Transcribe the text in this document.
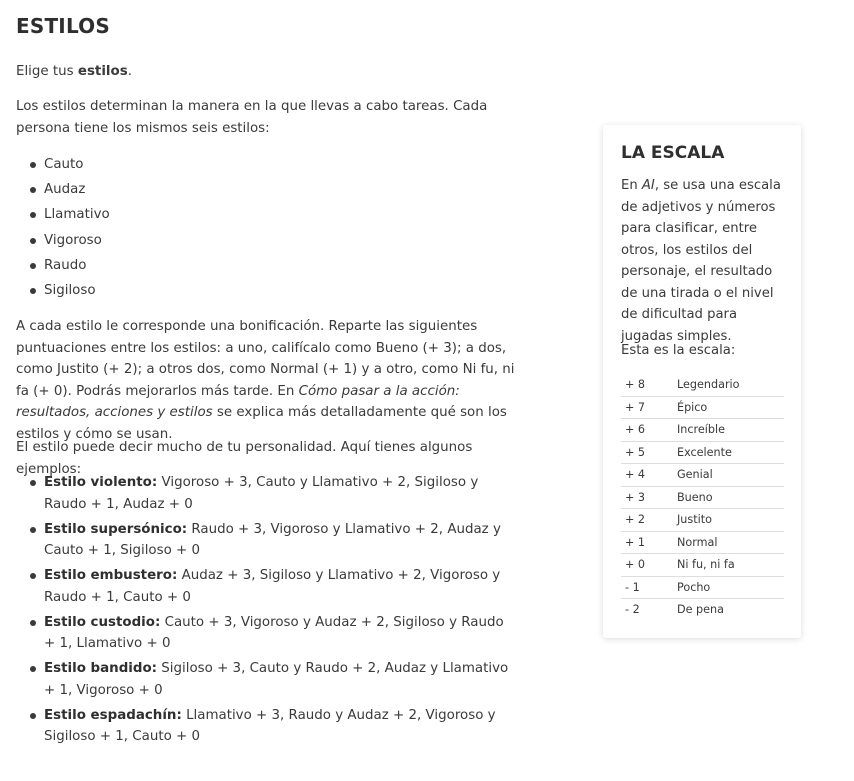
ESTILOS

Elige tus estilos.

Los estilos determinan la manera en la que llevas a cabo tareas. Cada persona tiene los mismos seis estilos:

Cauto
Audaz
Llamativo
Vigoroso
Raudo
Sigiloso

A cada estilo le corresponde una bonificación. Reparte las siguientes puntuaciones entre los estilos: a uno, califícalo como Bueno (+ 3); a dos, como Justito (+ 2); a otros dos, como Normal (+ 1) y a otro, como Ni fu, ni fa (+ 0). Podrás mejorarlos más tarde. En Cómo pasar a la acción: resultados, acciones y estilos se explica más detalladamente qué son los estilos y cómo se usan.

El estilo puede decir mucho de tu personalidad. Aquí tienes algunos ejemplos:

Estilo violento: Vigoroso + 3, Cauto y Llamativo + 2, Sigiloso y Raudo + 1, Audaz + 0
Estilo supersónico: Raudo + 3, Vigoroso y Llamativo + 2, Audaz y Cauto + 1, Sigiloso + 0
Estilo embustero: Audaz + 3, Sigiloso y Llamativo + 2, Vigoroso y Raudo + 1, Cauto + 0
Estilo custodio: Cauto + 3, Vigoroso y Audaz + 2, Sigiloso y Raudo + 1, Llamativo + 0
Estilo bandido: Sigiloso + 3, Cauto y Raudo + 2, Audaz y Llamativo + 1, Vigoroso + 0
Estilo espadachín: Llamativo + 3, Raudo y Audaz + 2, Vigoroso y Sigiloso + 1, Cauto + 0
LA ESCALA

En AI, se usa una escala de adjetivos y números para clasificar, entre otros, los estilos del personaje, el resultado de una tirada o el nivel de dificultad para jugadas simples.

Esta es la escala:

+ 8	Legendario
+ 7	Épico
+ 6	Increíble
+ 5	Excelente
+ 4	Genial
+ 3	Bueno
+ 2	Justito
+ 1	Normal
+ 0	Ni fu, ni fa
- 1	Pocho
- 2	De pena
